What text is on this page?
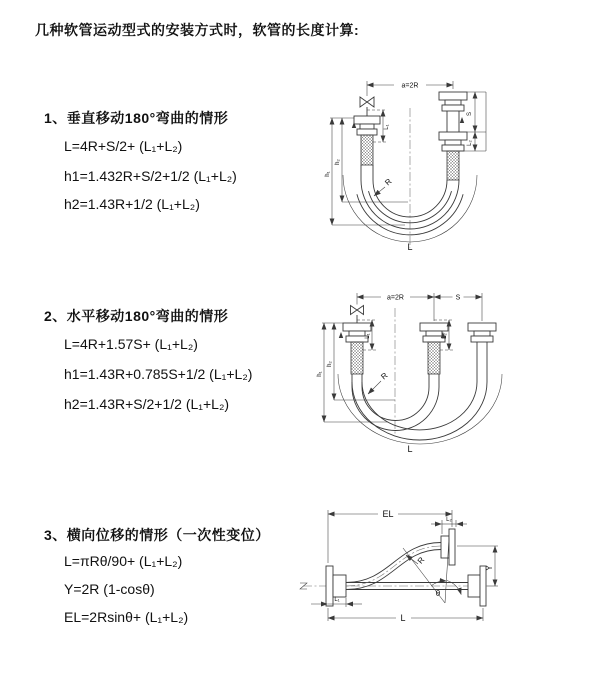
几种软管运动型式的安装方式时，软管的长度计算:
1、垂直移动180°弯曲的情形
L=4R+S/2+ (L₁+L₂)
h1=1.432R+S/2+1/2 (L₁+L₂)
h2=1.43R+1/2 (L₁+L₂)
a=2R
S
L₂
L₁
h₁
h₂
R
L
2、水平移动180°弯曲的情形
L=4R+1.57S+ (L₁+L₂)
h1=1.43R+0.785S+1/2 (L₁+L₂)
h2=1.43R+S/2+1/2 (L₁+L₂)
a=2R	S
L₁	L₂
h₁
h₂
R
L
3、横向位移的情形（一次性变位）
L=πRθ/90+ (L₁+L₂)
Y=2R (1-cosθ)
EL=2Rsinθ+ (L₁+L₂)
EL
L₂
Y
L
L₁
θ
R
